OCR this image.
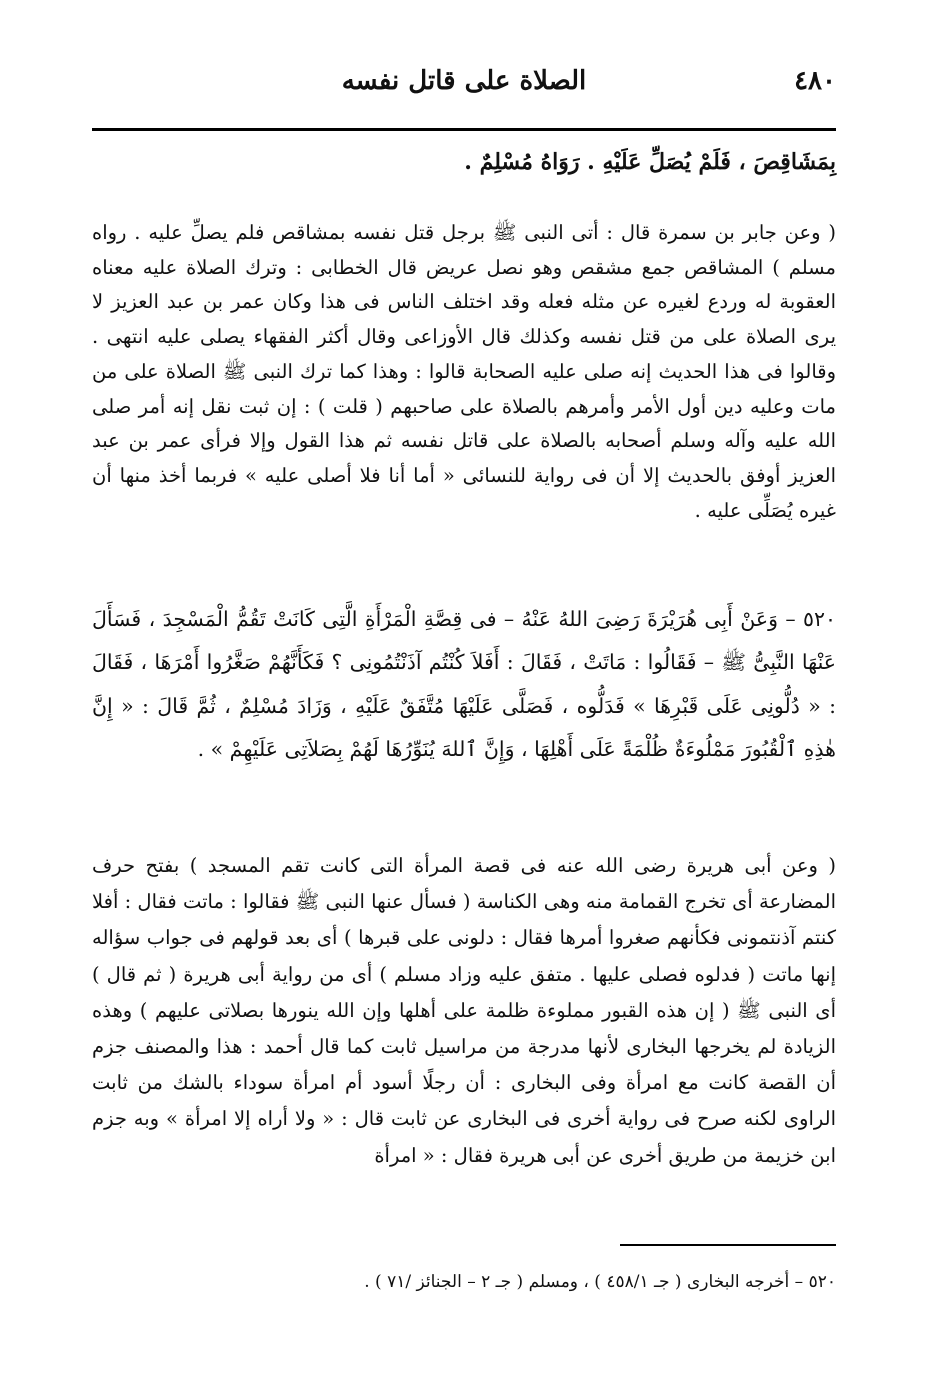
٤٨٠
الصلاة على قاتل نفسه

بِمَشَاقِصَ ، فَلَمْ يُصَلِّ عَلَيْهِ . رَوَاهُ مُسْلِمٌ .

( وعن جابر بن سمرة قال : أتى النبى ﷺ برجل قتل نفسه بمشاقص فلم يصلِّ عليه . رواه مسلم ) المشاقص جمع مشقص وهو نصل عريض قال الخطابى : وترك الصلاة عليه معناه العقوبة له وردع لغيره عن مثله فعله وقد اختلف الناس فى هذا وكان عمر بن عبد العزيز لا يرى الصلاة على من قتل نفسه وكذلك قال الأوزاعى وقال أكثر الفقهاء يصلى عليه انتهى . وقالوا فى هذا الحديث إنه صلى عليه الصحابة قالوا : وهذا كما ترك النبى ﷺ الصلاة على من مات وعليه دين أول الأمر وأمرهم بالصلاة على صاحبهم ( قلت ) : إن ثبت نقل إنه أمر صلى الله عليه وآله وسلم أصحابه بالصلاة على قاتل نفسه ثم هذا القول وإلا فرأى عمر بن عبد العزيز أوفق بالحديث إلا أن فى رواية للنسائى « أما أنا فلا أصلى عليه » فربما أخذ منها أن غيره يُصَلِّى عليه .

٥٢٠ – وَعَنْ أَبِى هُرَيْرَةَ رَضِىَ اللهُ عَنْهُ – فى قِصَّةِ الْمَرْأَةِ الَّتِى كَانَتْ تَقُمُّ الْمَسْجِدَ ، فَسَأَلَ عَنْهَا النَّبِىُّ ﷺ – فَقَالُوا : مَاتَتْ ، فَقَالَ : أَفَلاَ كُنْتُم آذَنْتُمُونِى ؟ فَكَأَنَّهُمْ صَغَّرُوا أَمْرَهَا ، فَقَالَ : « دُلُّونِى عَلَى قَبْرِهَا » فَدَلُّوه ، فَصَلَّى عَلَيْهَا مُتَّفَقٌ عَلَيْهِ ، وَزَادَ مُسْلِمٌ ، ثُمَّ قَالَ : « إِنَّ هٰذِهِ ٱلْقُبُورَ مَمْلُوءَةٌ ظُلْمَةً عَلَى أَهْلِهَا ، وَإِنَّ ٱللهَ يُنَوِّرُهَا لَهُمْ بِصَلاَتِى عَلَيْهِمْ » .

( وعن أبى هريرة رضى الله عنه فى قصة المرأة التى كانت تقم المسجد ) بفتح حرف المضارعة أى تخرج القمامة منه وهى الكناسة ( فسأل عنها النبى ﷺ فقالوا : ماتت فقال : أفلا كنتم آذنتمونى فكأنهم صغروا أمرها فقال : دلونى على قبرها ) أى بعد قولهم فى جواب سؤاله إنها ماتت ( فدلوه فصلى عليها . متفق عليه وزاد مسلم ) أى من رواية أبى هريرة ( ثم قال ) أى النبى ﷺ ( إن هذه القبور مملوءة ظلمة على أهلها وإن الله ينورها بصلاتى عليهم ) وهذه الزيادة لم يخرجها البخارى لأنها مدرجة من مراسيل ثابت كما قال أحمد : هذا والمصنف جزم أن القصة كانت مع امرأة وفى البخارى : أن رجلًا أسود أم امرأة سوداء بالشك من ثابت الراوى لكنه صرح فى رواية أخرى فى البخارى عن ثابت قال : « ولا أراه إلا امرأة » وبه جزم ابن خزيمة من طريق أخرى عن أبى هريرة فقال : « امرأة

٥٢٠ – أخرجه البخارى ( جـ ٤٥٨/١ ) ، ومسلم ( جـ ٢ – الجنائز /٧١ ) .
